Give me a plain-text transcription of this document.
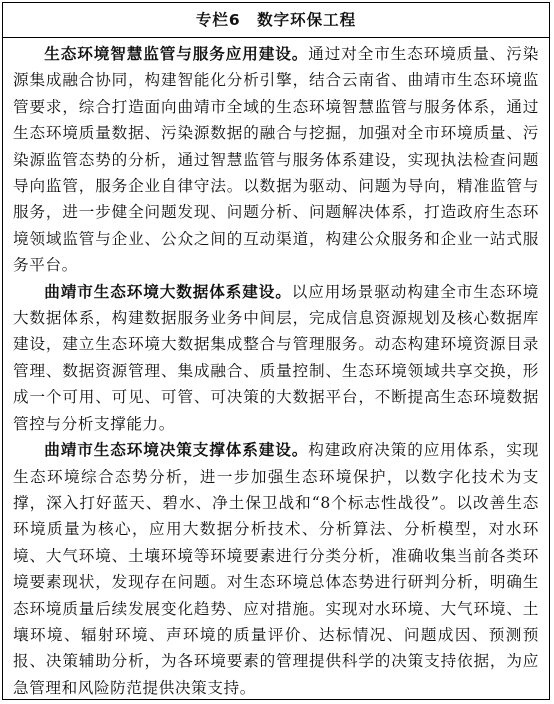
专栏6　数字环保工程

生态环境智慧监管与服务应用建设。通过对全市生态环境质量、污染源集成融合协同，构建智能化分析引擎，结合云南省、曲靖市生态环境监管要求，综合打造面向曲靖市全域的生态环境智慧监管与服务体系，通过生态环境质量数据、污染源数据的融合与挖掘，加强对全市环境质量、污染源监管态势的分析，通过智慧监管与服务体系建设，实现执法检查问题导向监管，服务企业自律守法。以数据为驱动、问题为导向，精准监管与服务，进一步健全问题发现、问题分析、问题解决体系，打造政府生态环境领域监管与企业、公众之间的互动渠道，构建公众服务和企业一站式服务平台。

曲靖市生态环境大数据体系建设。以应用场景驱动构建全市生态环境大数据体系，构建数据服务业务中间层，完成信息资源规划及核心数据库建设，建立生态环境大数据集成整合与管理服务。动态构建环境资源目录管理、数据资源管理、集成融合、质量控制、生态环境领域共享交换，形成一个可用、可见、可管、可决策的大数据平台，不断提高生态环境数据管控与分析支撑能力。

曲靖市生态环境决策支撑体系建设。构建政府决策的应用体系，实现生态环境综合态势分析，进一步加强生态环境保护，以数字化技术为支撑，深入打好蓝天、碧水、净土保卫战和“8个标志性战役”。以改善生态环境质量为核心，应用大数据分析技术、分析算法、分析模型，对水环境、大气环境、土壤环境等环境要素进行分类分析，准确收集当前各类环境要素现状，发现存在问题。对生态环境总体态势进行研判分析，明确生态环境质量后续发展变化趋势、应对措施。实现对水环境、大气环境、土壤环境、辐射环境、声环境的质量评价、达标情况、问题成因、预测预报、决策辅助分析，为各环境要素的管理提供科学的决策支持依据，为应急管理和风险防范提供决策支持。
